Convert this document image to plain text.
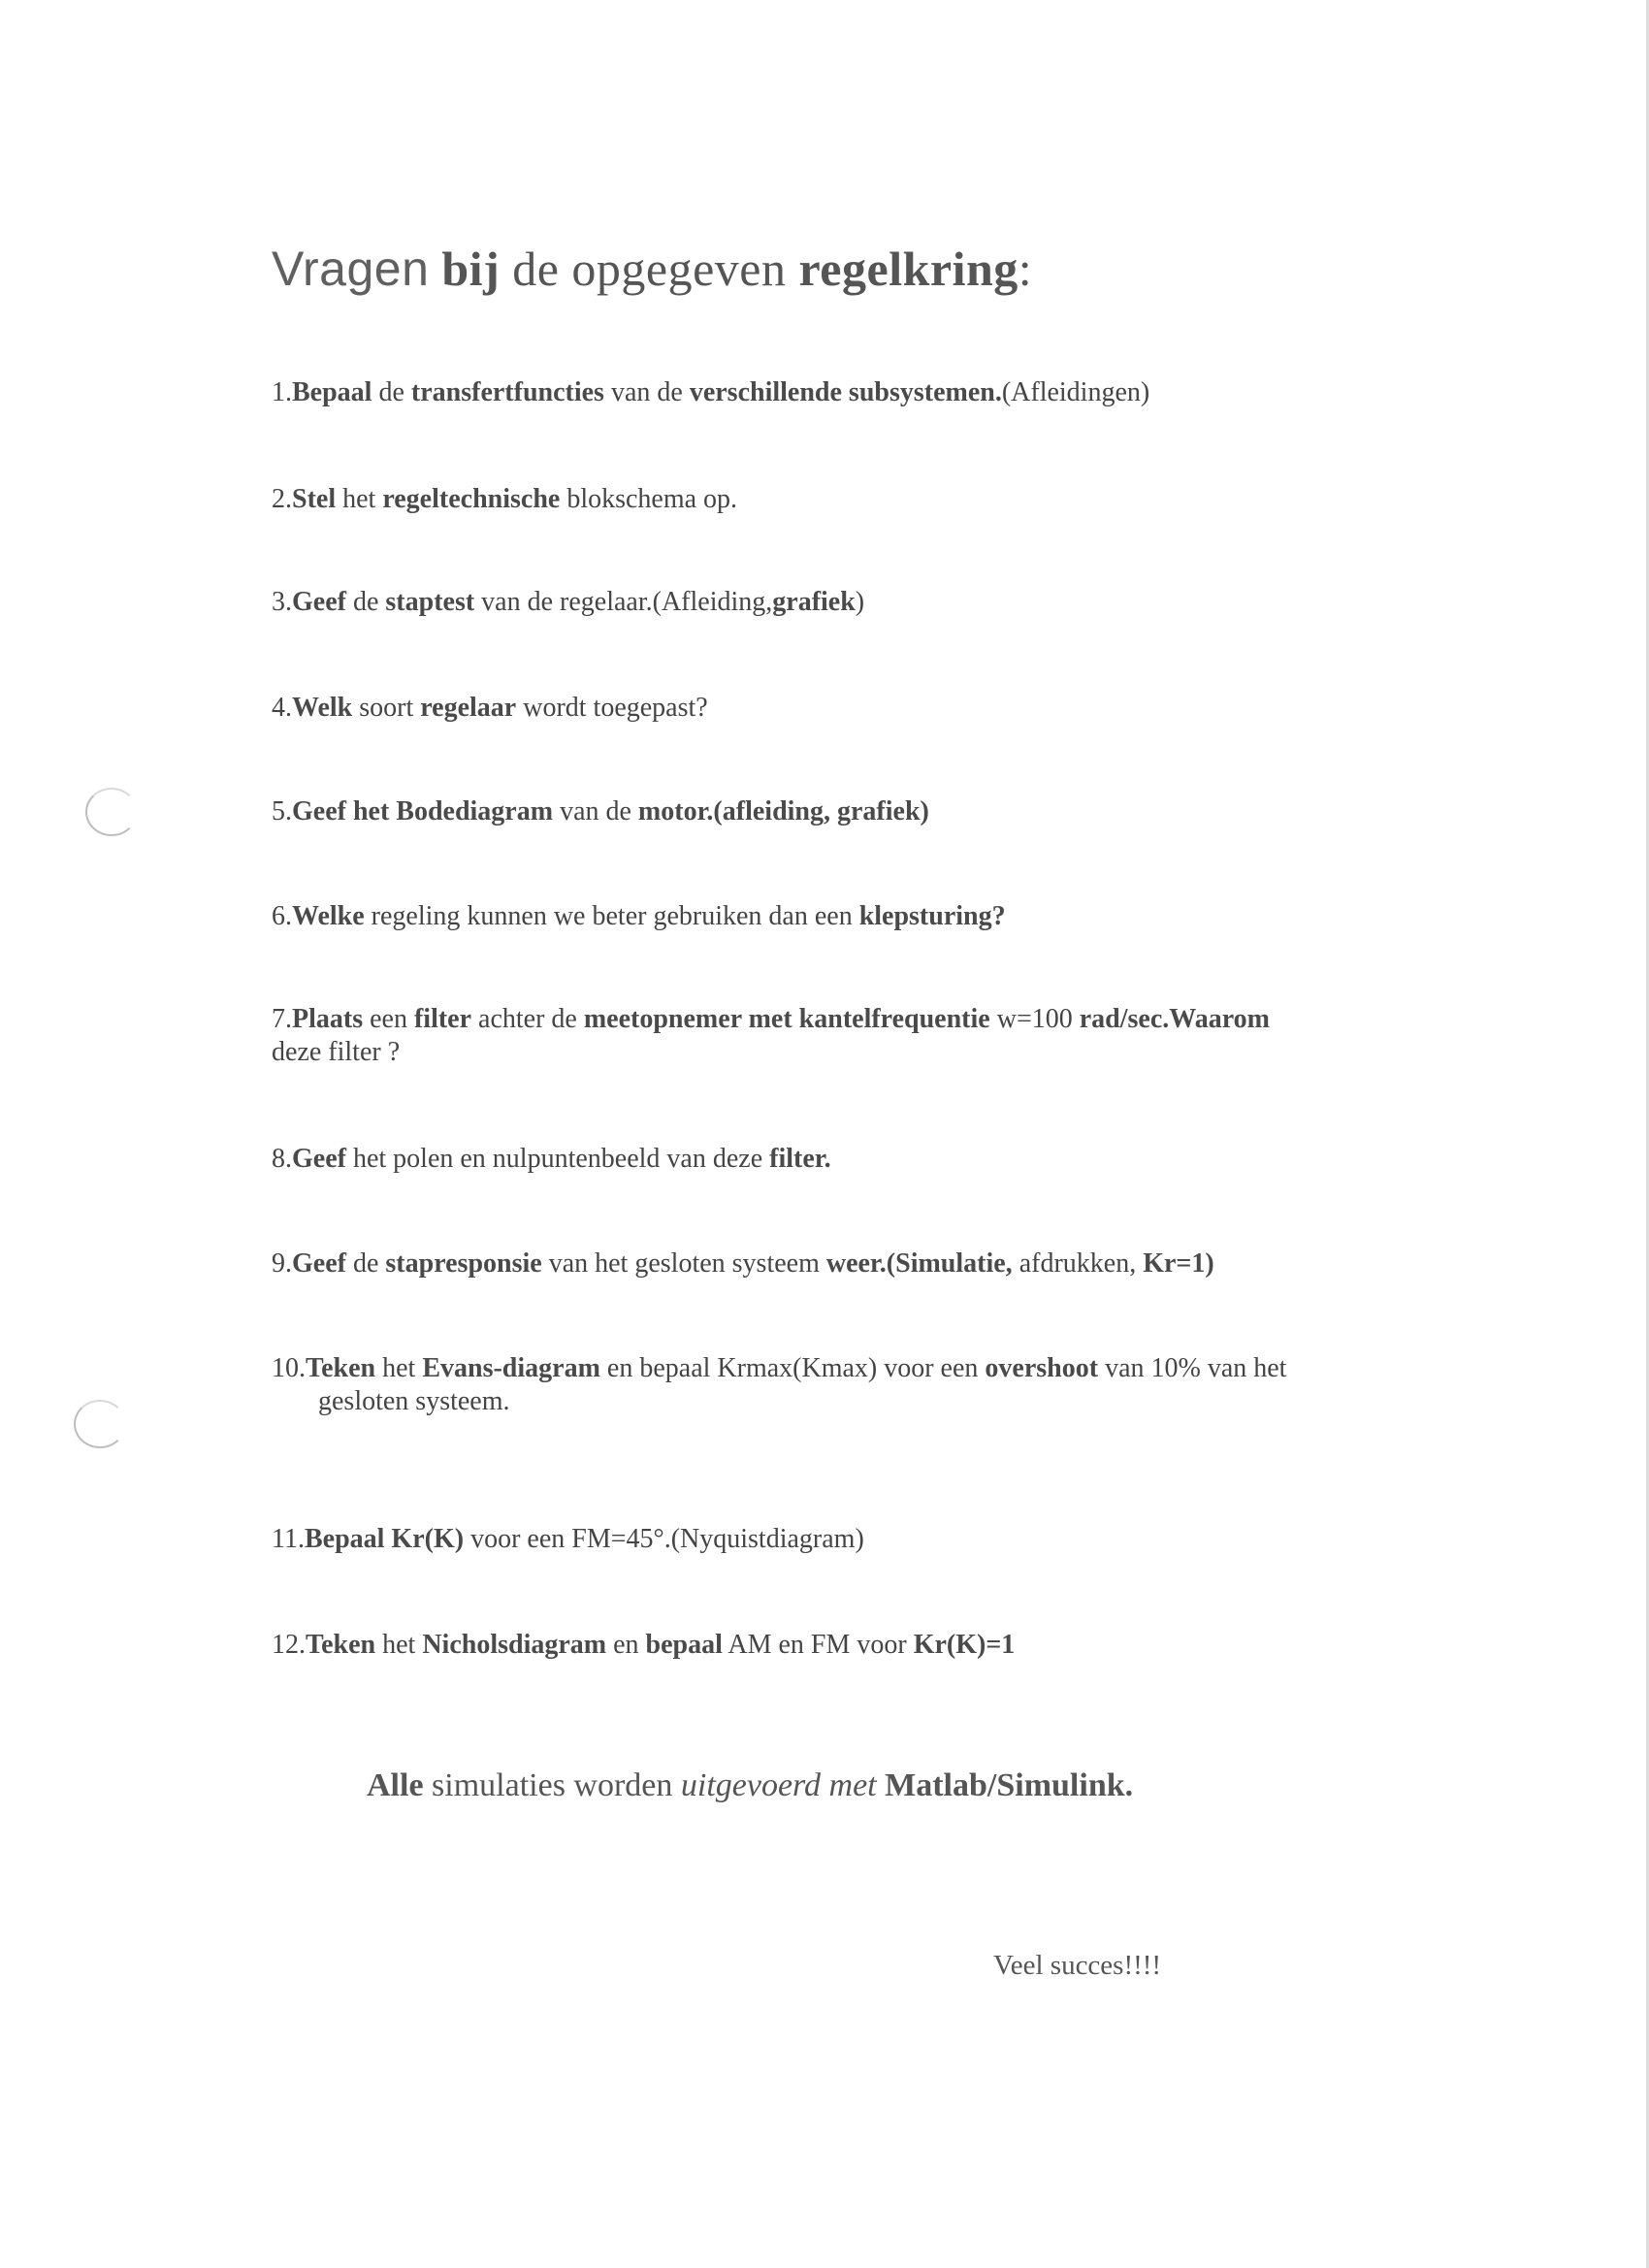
Vragen bij de opgegeven regelkring:
1.Bepaal de transfertfuncties van de verschillende subsystemen.(Afleidingen)
2.Stel het regeltechnische blokschema op.
3.Geef de staptest van de regelaar.(Afleiding,grafiek)
4.Welk soort regelaar wordt toegepast?
5.Geef het Bodediagram van de motor.(afleiding, grafiek)
6.Welke regeling kunnen we beter gebruiken dan een klepsturing?
7.Plaats een filter achter de meetopnemer met kantelfrequentie w=100 rad/sec.Waarom
deze filter ?
8.Geef het polen en nulpuntenbeeld van deze filter.
9.Geef de stapresponsie van het gesloten systeem weer.(Simulatie, afdrukken, Kr=1)
10.Teken het Evans-diagram en bepaal Krmax(Kmax) voor een overshoot van 10% van het
gesloten systeem.
11.Bepaal Kr(K) voor een FM=45°.(Nyquistdiagram)
12.Teken het Nicholsdiagram en bepaal AM en FM voor Kr(K)=1
Alle simulaties worden uitgevoerd met Matlab/Simulink.
Veel succes!!!!
